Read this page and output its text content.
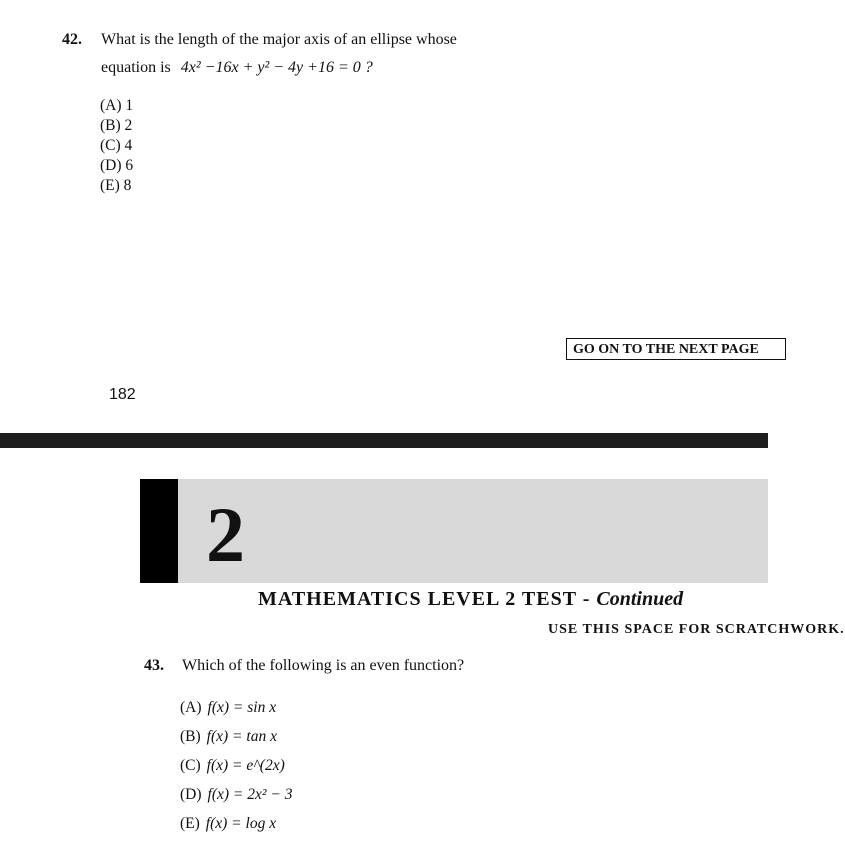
42. What is the length of the major axis of an ellipse whose
equation is 4x² −16x + y² − 4y +16 = 0 ?
(A) 1
(B) 2
(C) 4
(D) 6
(E) 8
GO ON TO THE NEXT PAGE
182
2
MATHEMATICS LEVEL 2 TEST - Continued
USE THIS SPACE FOR SCRATCHWORK.
43. Which of the following is an even function?
(A) f(x) = sin x
(B) f(x) = tan x
(C) f(x) = e^(2x)
(D) f(x) = 2x² − 3
(E) f(x) = log x
